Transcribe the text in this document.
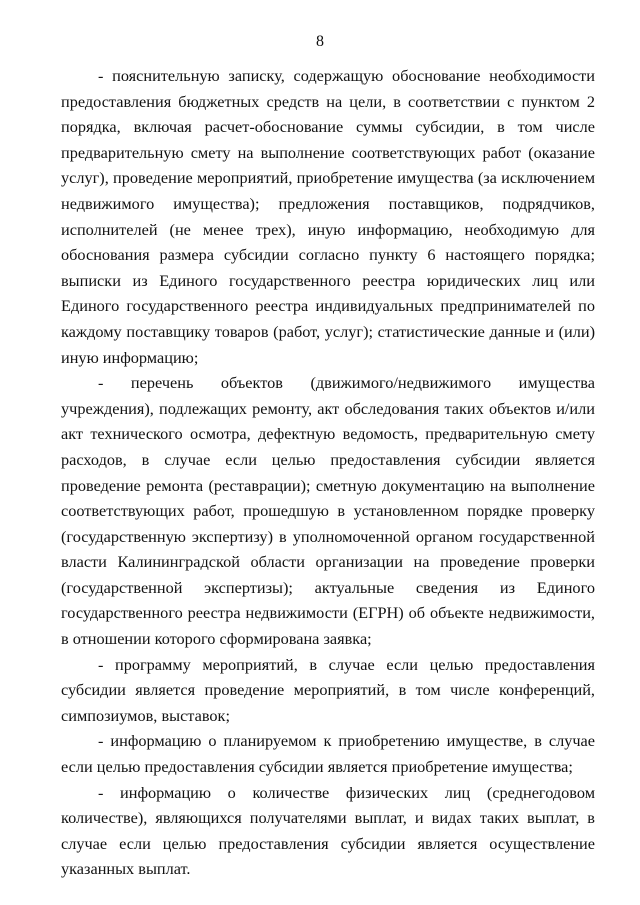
8

- пояснительную записку, содержащую обоснование необходимости предоставления бюджетных средств на цели, в соответствии с пунктом 2 порядка, включая расчет-обоснование суммы субсидии, в том числе предварительную смету на выполнение соответствующих работ (оказание услуг), проведение мероприятий, приобретение имущества (за исключением недвижимого имущества); предложения поставщиков, подрядчиков, исполнителей (не менее трех), иную информацию, необходимую для обоснования размера субсидии согласно пункту 6 настоящего порядка; выписки из Единого государственного реестра юридических лиц или Единого государственного реестра индивидуальных предпринимателей по каждому поставщику товаров (работ, услуг); статистические данные и (или) иную информацию;

- перечень объектов (движимого/недвижимого имущества учреждения), подлежащих ремонту, акт обследования таких объектов и/или акт технического осмотра, дефектную ведомость, предварительную смету расходов, в случае если целью предоставления субсидии является проведение ремонта (реставрации); сметную документацию на выполнение соответствующих работ, прошедшую в установленном порядке проверку (государственную экспертизу) в уполномоченной органом государственной власти Калининградской области организации на проведение проверки (государственной экспертизы); актуальные сведения из Единого государственного реестра недвижимости (ЕГРН) об объекте недвижимости, в отношении которого сформирована заявка;

- программу мероприятий, в случае если целью предоставления субсидии является проведение мероприятий, в том числе конференций, симпозиумов, выставок;

- информацию о планируемом к приобретению имуществе, в случае если целью предоставления субсидии является приобретение имущества;

- информацию о количестве физических лиц (среднегодовом количестве), являющихся получателями выплат, и видах таких выплат, в случае если целью предоставления субсидии является осуществление указанных выплат.
